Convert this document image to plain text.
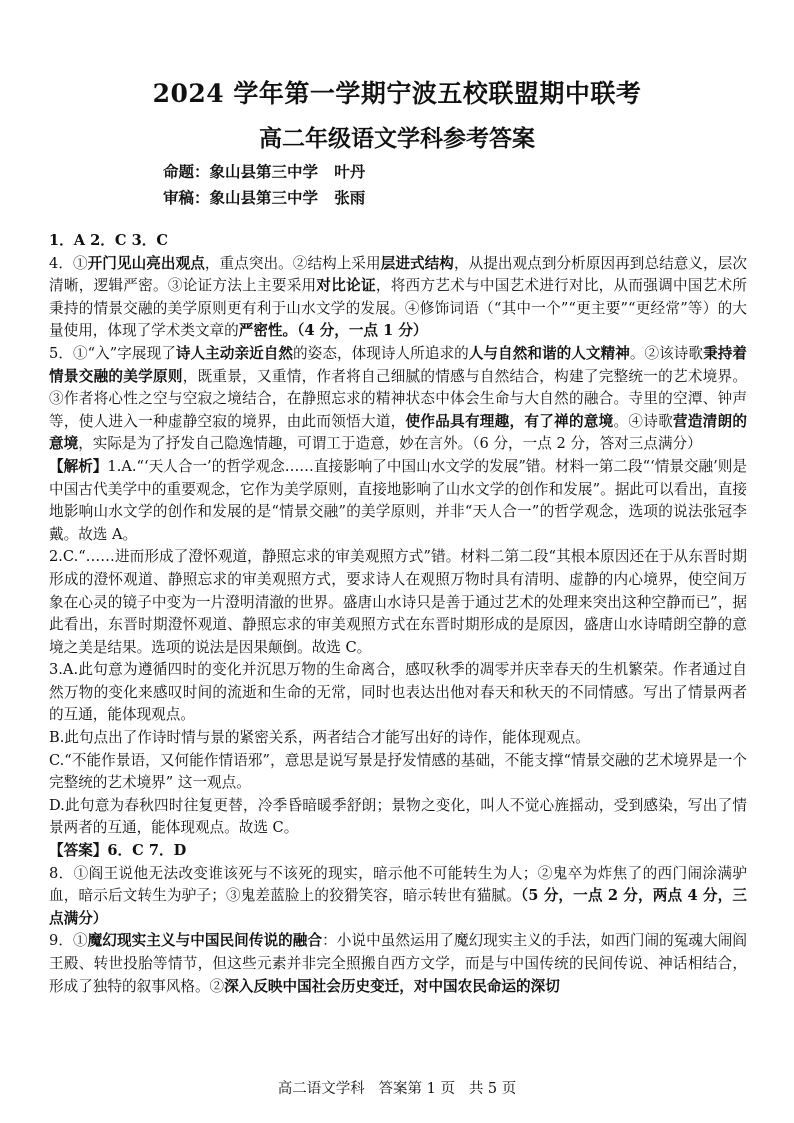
2024 学年第一学期宁波五校联盟期中联考
高二年级语文学科参考答案
命题：象山县第三中学   叶丹
审稿：象山县第三中学   张雨

1．A 2．C 3．C

4．①开门见山亮出观点，重点突出。②结构上采用层进式结构，从提出观点到分析原因再到总结意义，层次清晰，逻辑严密。③论证方法上主要采用对比论证，将西方艺术与中国艺术进行对比，从而强调中国艺术所秉持的情景交融的美学原则更有利于山水文学的发展。④修饰词语（“其中一个”“更主要”“更经常”等）的大量使用，体现了学术类文章的严密性。（4 分，一点 1 分）

5．①“入”字展现了诗人主动亲近自然的姿态，体现诗人所追求的人与自然和谐的人文精神。②该诗歌秉持着情景交融的美学原则，既重景，又重情，作者将自己细腻的情感与自然结合，构建了完整统一的艺术境界。③作者将心性之空与空寂之境结合，在静照忘求的精神状态中体会生命与大自然的融合。寺里的空潭、钟声等，使人进入一种虚静空寂的境界，由此而领悟大道，使作品具有理趣，有了禅的意境。④诗歌营造清朗的意境，实际是为了抒发自己隐逸情趣，可谓工于造意，妙在言外。（6 分，一点 2 分，答对三点满分）

【解析】1.A.“‘天人合一’的哲学观念……直接影响了中国山水文学的发展”错。材料一第二段“‘情景交融’则是中国古代美学中的重要观念，它作为美学原则，直接地影响了山水文学的创作和发展”。据此可以看出，直接地影响山水文学的创作和发展的是“情景交融”的美学原则，并非“天人合一”的哲学观念，选项的说法张冠李戴。故选 A。

2.C.“……进而形成了澄怀观道，静照忘求的审美观照方式”错。材料二第二段“其根本原因还在于从东晋时期形成的澄怀观道、静照忘求的审美观照方式，要求诗人在观照万物时具有清明、虚静的内心境界，使空间万象在心灵的镜子中变为一片澄明清澈的世界。盛唐山水诗只是善于通过艺术的处理来突出这种空静而已”，据此看出，东晋时期澄怀观道、静照忘求的审美观照方式在东晋时期形成的是原因，盛唐山水诗晴朗空静的意境之美是结果。选项的说法是因果颠倒。故选 C。

3.A.此句意为遵循四时的变化并沉思万物的生命离合，感叹秋季的凋零并庆幸春天的生机繁荣。作者通过自然万物的变化来感叹时间的流逝和生命的无常，同时也表达出他对春天和秋天的不同情感。写出了情景两者的互通，能体现观点。

B.此句点出了作诗时情与景的紧密关系，两者结合才能写出好的诗作，能体现观点。

C.“不能作景语，又何能作情语邪”，意思是说写景是抒发情感的基础，不能支撑“情景交融的艺术境界是一个完整统的艺术境界” 这一观点。

D.此句意为春秋四时往复更替，冷季昏暗暖季舒朗；景物之变化，叫人不觉心旌摇动，受到感染，写出了情景两者的互通，能体现观点。故选 C。

【答案】6．C 7．D

8．①阎王说他无法改变谁该死与不该死的现实，暗示他不可能转生为人；②鬼卒为炸焦了的西门闹涂满驴血，暗示后文转生为驴子；③鬼差蓝脸上的狡猾笑容，暗示转世有猫腻。（5 分，一点 2 分，两点 4 分，三点满分）

9．①魔幻现实主义与中国民间传说的融合：小说中虽然运用了魔幻现实主义的手法，如西门闹的冤魂大闹阎王殿、转世投胎等情节，但这些元素并非完全照搬自西方文学，而是与中国传统的民间传说、神话相结合，形成了独特的叙事风格。②深入反映中国社会历史变迁，对中国农民命运的深切

高二语文学科   答案第 1 页   共 5 页
